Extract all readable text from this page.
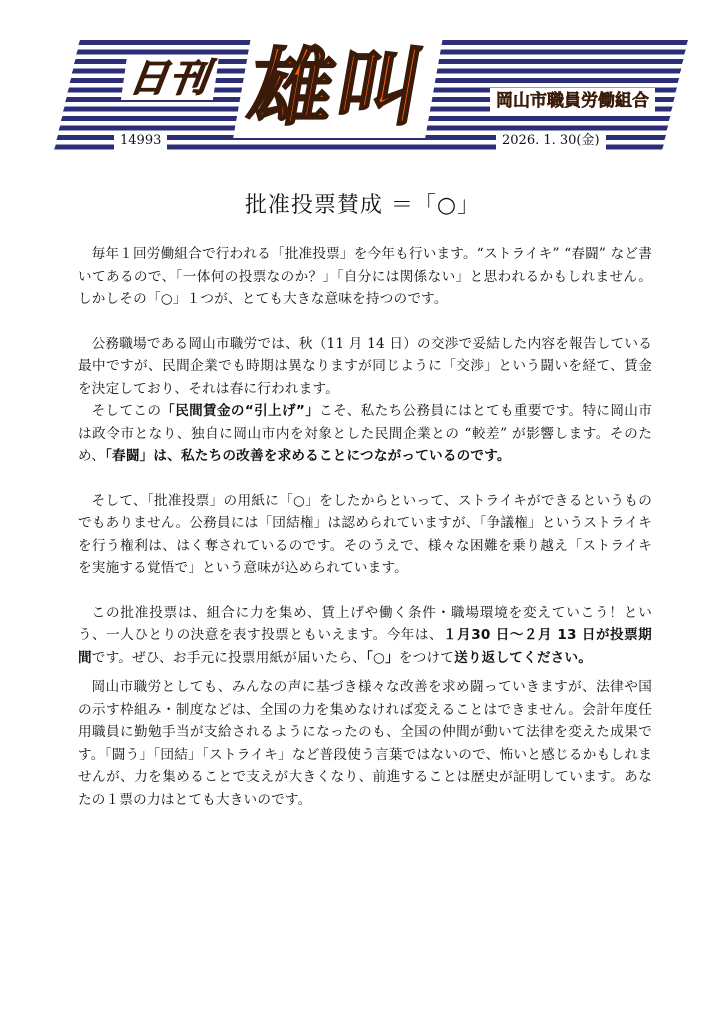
日刊 雄叫	岡山市職員労働組合
14993	2026. 1. 30(金)
批准投票賛成 ＝「○」

毎年１回労働組合で行われる「批准投票」を今年も行います。“ストライキ” “春闘” など書いてあるので、「一体何の投票なのか？」「自分には関係ない」と思われるかもしれません。しかしその「○」１つが、とても大きな意味を持つのです。

公務職場である岡山市職労では、秋（11 月 14 日）の交渉で妥結した内容を報告している最中ですが、民間企業でも時期は異なりますが同じように「交渉」という闘いを経て、賃金を決定しており、それは春に行われます。

そしてこの「民間賃金の“引上げ”」こそ、私たち公務員にはとても重要です。特に岡山市は政令市となり、独自に岡山市内を対象とした民間企業との “較差” が影響します。そのため、「春闘」は、私たちの改善を求めることにつながっているのです。

そして、「批准投票」の用紙に「○」をしたからといって、ストライキができるというものでもありません。公務員には「団結権」は認められていますが、「争議権」というストライキを行う権利は、はく奪されているのです。そのうえで、様々な困難を乗り越え「ストライキを実施する覚悟で」という意味が込められています。

この批准投票は、組合に力を集め、賃上げや働く条件・職場環境を変えていこう！という、一人ひとりの決意を表す投票ともいえます。今年は、１月30 日～２月 13 日が投票期間です。ぜひ、お手元に投票用紙が届いたら、「○」をつけて送り返してください。

岡山市職労としても、みんなの声に基づき様々な改善を求め闘っていきますが、法律や国の示す枠組み・制度などは、全国の力を集めなければ変えることはできません。会計年度任用職員に勤勉手当が支給されるようになったのも、全国の仲間が動いて法律を変えた成果です。「闘う」「団結」「ストライキ」など普段使う言葉ではないので、怖いと感じるかもしれませんが、力を集めることで支えが大きくなり、前進することは歴史が証明しています。あなたの１票の力はとても大きいのです。
